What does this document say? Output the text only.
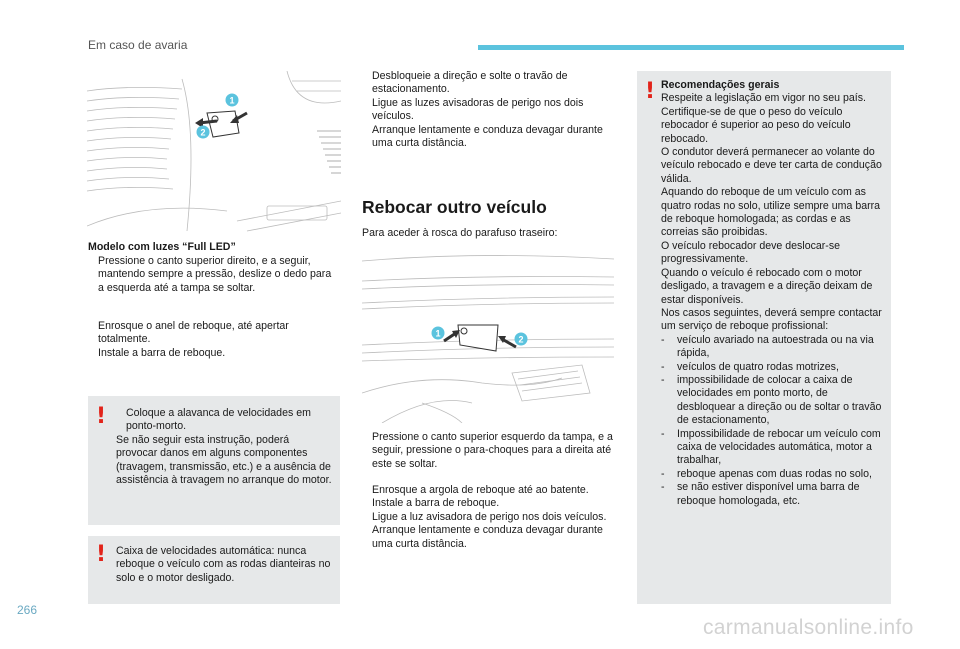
Em caso de avaria
1
2
Modelo com luzes “Full LED”
Pressione o canto superior direito, e a seguir, mantendo sempre a pressão, deslize o dedo para a esquerda até a tampa se soltar.
Enrosque o anel de reboque, até apertar totalmente.
Instale a barra de reboque.
! Coloque a alavanca de velocidades em ponto-morto.
Se não seguir esta instrução, poderá provocar danos em alguns componentes (travagem, transmissão, etc.) e a ausência de assistência à travagem no arranque do motor.
! Caixa de velocidades automática: nunca reboque o veículo com as rodas dianteiras no solo e o motor desligado.
Desbloqueie a direção e solte o travão de estacionamento.
Ligue as luzes avisadoras de perigo nos dois veículos.
Arranque lentamente e conduza devagar durante uma curta distância.
Rebocar outro veículo
Para aceder à rosca do parafuso traseiro:
1
2
Pressione o canto superior esquerdo da tampa, e a seguir, pressione o para-choques para a direita até este se soltar.
Enrosque a argola de reboque até ao batente.
Instale a barra de reboque.
Ligue a luz avisadora de perigo nos dois veículos.
Arranque lentamente e conduza devagar durante uma curta distância.
! Recomendações gerais
Respeite a legislação em vigor no seu país.
Certifique-se de que o peso do veículo rebocador é superior ao peso do veículo rebocado.
O condutor deverá permanecer ao volante do veículo rebocado e deve ter carta de condução válida.
Aquando do reboque de um veículo com as quatro rodas no solo, utilize sempre uma barra de reboque homologada; as cordas e as correias são proibidas.
O veículo rebocador deve deslocar-se progressivamente.
Quando o veículo é rebocado com o motor desligado, a travagem e a direção deixam de estar disponíveis.
Nos casos seguintes, deverá sempre contactar um serviço de reboque profissional:
-	veículo avariado na autoestrada ou na via rápida,
-	veículos de quatro rodas motrizes,
-	impossibilidade de colocar a caixa de velocidades em ponto morto, de desbloquear a direção ou de soltar o travão de estacionamento,
-	Impossibilidade de rebocar um veículo com caixa de velocidades automática, motor a trabalhar,
-	reboque apenas com duas rodas no solo,
-	se não estiver disponível uma barra de reboque homologada, etc.
266
carmanualsonline.info
